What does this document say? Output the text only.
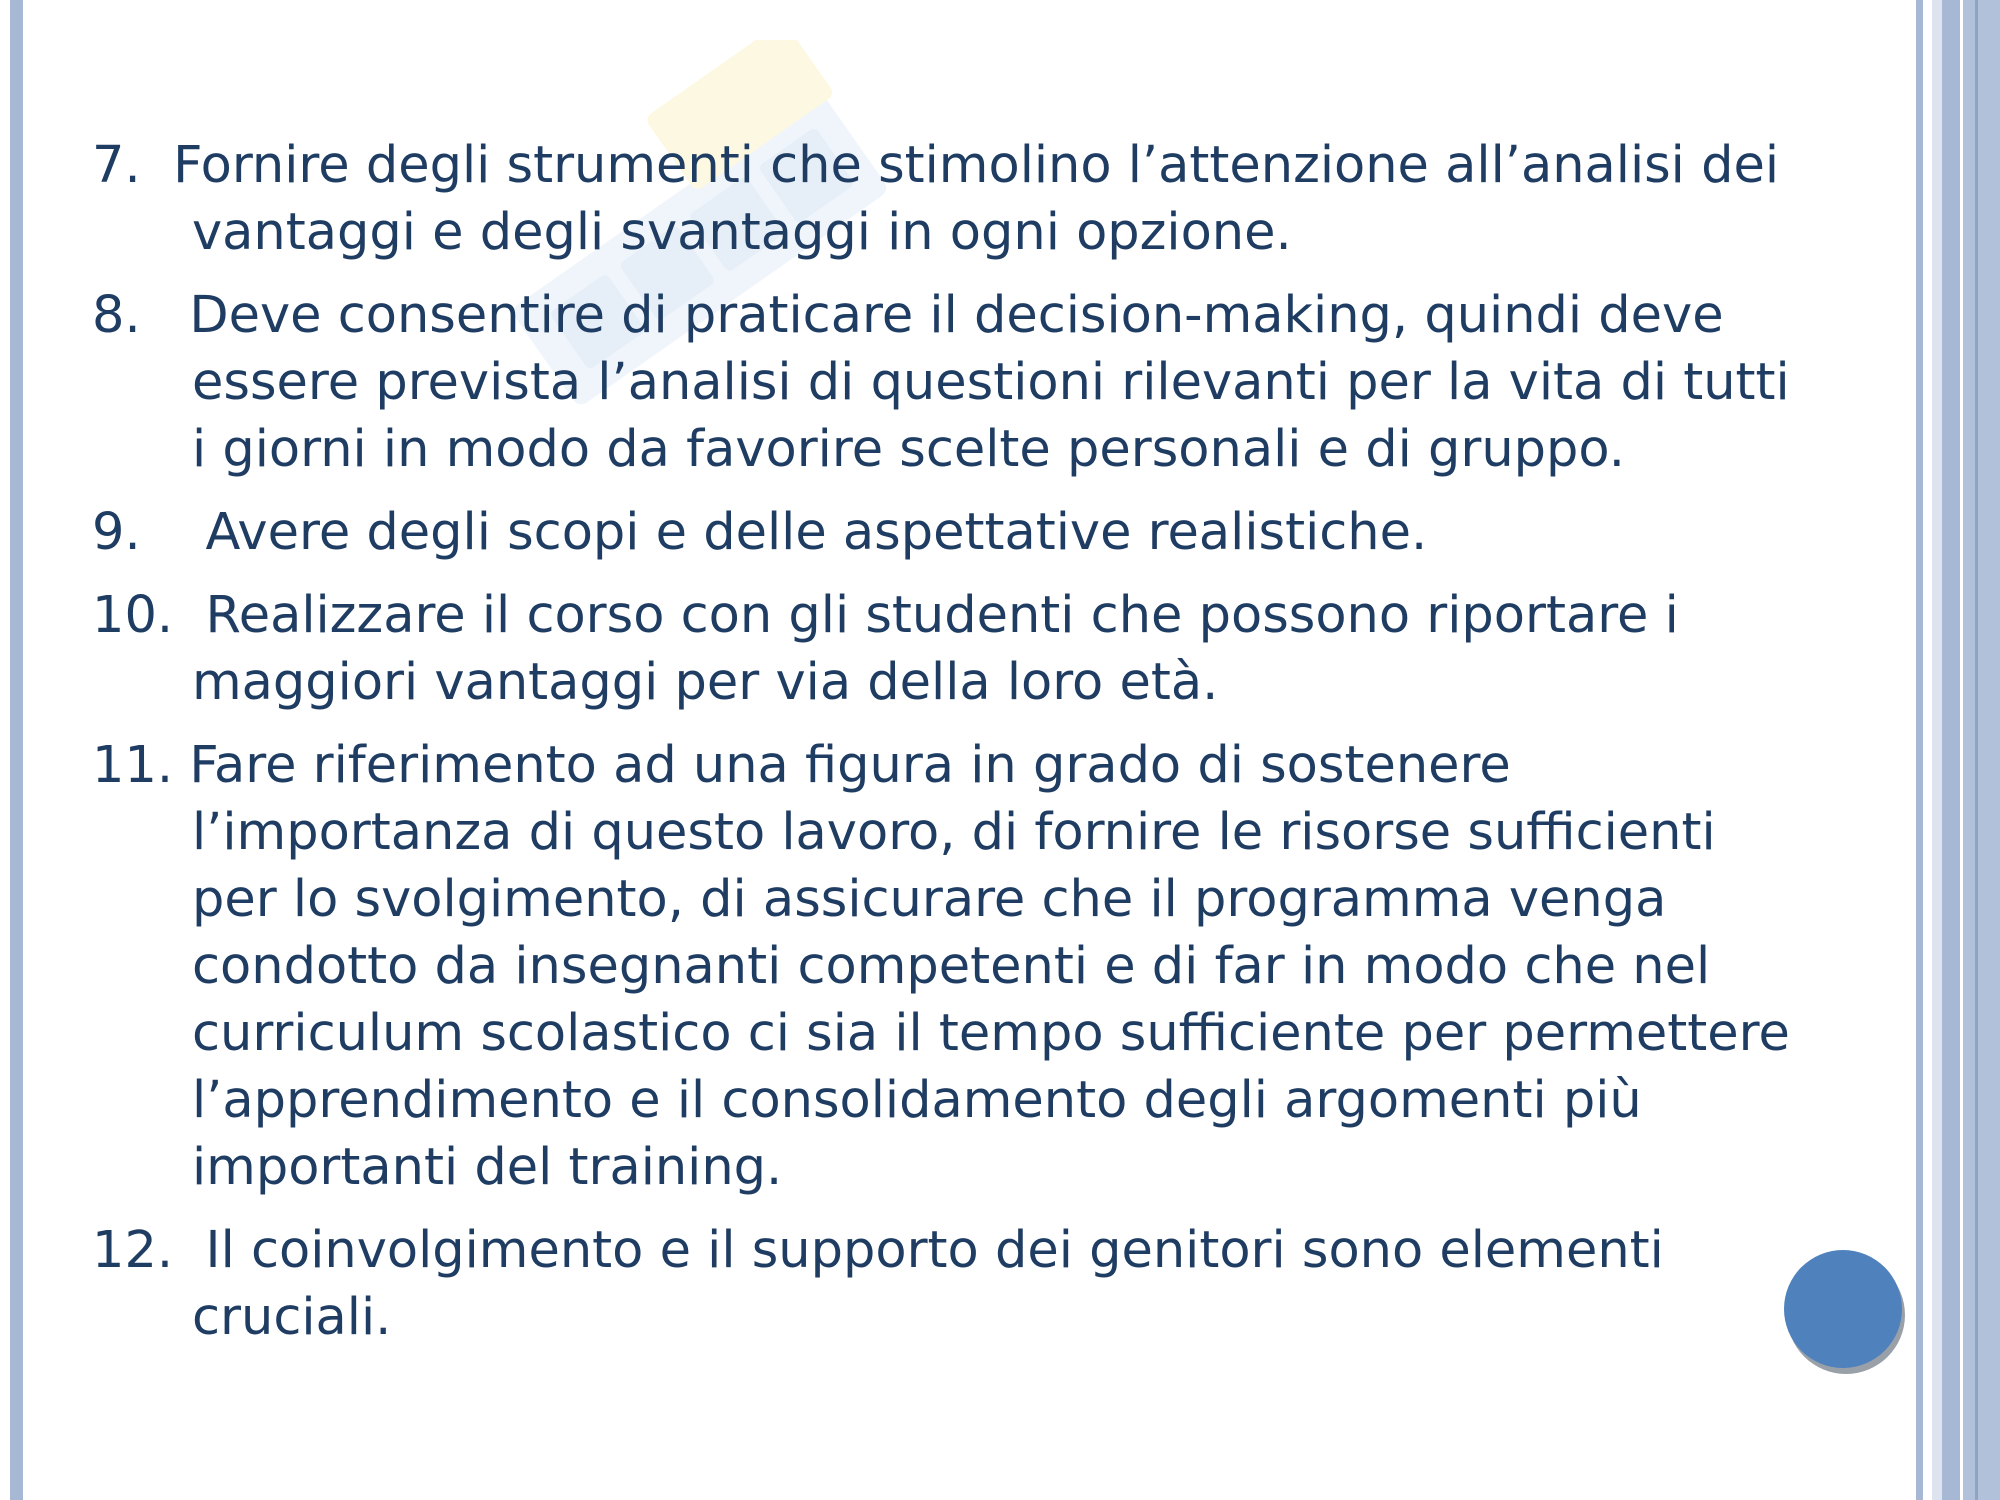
7. Fornire degli strumenti che stimolino l’attenzione all’analisi dei vantaggi e degli svantaggi in ogni opzione.
8. Deve consentire di praticare il decision-making, quindi deve essere prevista l’analisi di questioni rilevanti per la vita di tutti i giorni in modo da favorire scelte personali e di gruppo.
9. Avere degli scopi e delle aspettative realistiche.
10. Realizzare il corso con gli studenti che possono riportare i maggiori vantaggi per via della loro età.
11. Fare riferimento ad una figura in grado di sostenere l’importanza di questo lavoro, di fornire le risorse sufficienti per lo svolgimento, di assicurare che il programma venga condotto da insegnanti competenti e di far in modo che nel curriculum scolastico ci sia il tempo sufficiente per permettere l’apprendimento e il consolidamento degli argomenti più importanti del training.
12. Il coinvolgimento e il supporto dei genitori sono elementi cruciali.
